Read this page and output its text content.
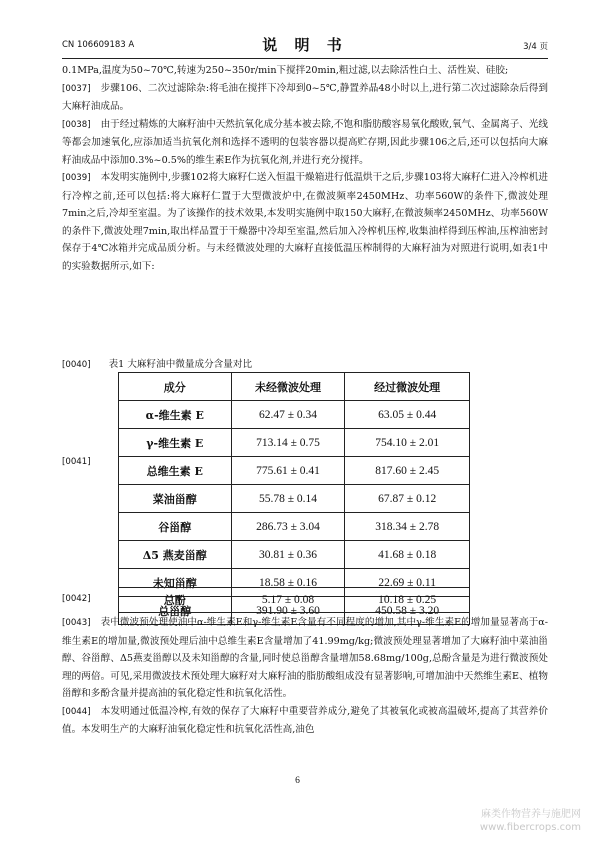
CN 106609183 A	说 明 书	3/4 页

0.1MPa,温度为50~70℃,转速为250~350r/min下搅拌20min,粗过滤,以去除活性白土、活性炭、硅胶;

[0037] 步骤106、二次过滤除杂:将毛油在搅拌下冷却到0~5℃,静置养晶48小时以上,进行第二次过滤除杂后得到大麻籽油成品。

[0038] 由于经过精炼的大麻籽油中天然抗氧化成分基本被去除,不饱和脂肪酸容易氧化酸败,氧气、金属离子、光线等都会加速氧化,应添加适当抗氧化剂和选择不透明的包装容器以提高贮存期,因此步骤106之后,还可以包括向大麻籽油成品中添加0.3%~0.5%的维生素E作为抗氧化剂,并进行充分搅拌。

[0039] 本发明实施例中,步骤102将大麻籽仁送入恒温干燥箱进行低温烘干之后,步骤103将大麻籽仁进入冷榨机进行冷榨之前,还可以包括:将大麻籽仁置于大型微波炉中,在微波频率2450MHz、功率560W的条件下,微波处理7min之后,冷却至室温。为了该操作的技术效果,本发明实施例中取150大麻籽,在微波频率2450MHz、功率560W的条件下,微波处理7min,取出样品置于干燥器中冷却至室温,然后加入冷榨机压榨,收集油样得到压榨油,压榨油密封保存于4℃冰箱并完成品质分析。与未经微波处理的大麻籽直接低温压榨制得的大麻籽油为对照进行说明,如表1中的实验数据所示,如下:

[0040] 表1 大麻籽油中微量成分含量对比
[0041]
成分	未经微波处理	经过微波处理
α-维生素 E	62.47 ± 0.34	63.05 ± 0.44
γ-维生素 E	713.14 ± 0.75	754.10 ± 2.01
总维生素 E	775.61 ± 0.41	817.60 ± 2.45
菜油甾醇	55.78 ± 0.14	67.87 ± 0.12
谷甾醇	286.73 ± 3.04	318.34 ± 2.78
Δ5 燕麦甾醇	30.81 ± 0.36	41.68 ± 0.18
未知甾醇	18.58 ± 0.16	22.69 ± 0.11
总甾醇	391.90 ± 3.60	450.58 ± 3.20
[0042]	总酚	5.17 ± 0.08	10.18 ± 0.25

[0043] 表中微波预处理使油中α-维生素E和γ-维生素E含量有不同程度的增加,其中γ-维生素E的增加量显著高于α-维生素E的增加量,微波预处理后油中总维生素E含量增加了41.99mg/kg;微波预处理显著增加了大麻籽油中菜油甾醇、谷甾醇、Δ5燕麦甾醇以及未知甾醇的含量,同时使总甾醇含量增加58.68mg/100g,总酚含量是为进行微波预处理的两倍。可见,采用微波技术预处理大麻籽对大麻籽油的脂肪酸组成没有显著影响,可增加油中天然维生素E、植物甾醇和多酚含量并提高油的氧化稳定性和抗氧化活性。

[0044] 本发明通过低温冷榨,有效的保存了大麻籽中重要营养成分,避免了其被氧化或被高温破坏,提高了其营养价值。本发明生产的大麻籽油氧化稳定性和抗氧化活性高,油色

6
麻类作物营养与施肥网
www.fibercrops.com
